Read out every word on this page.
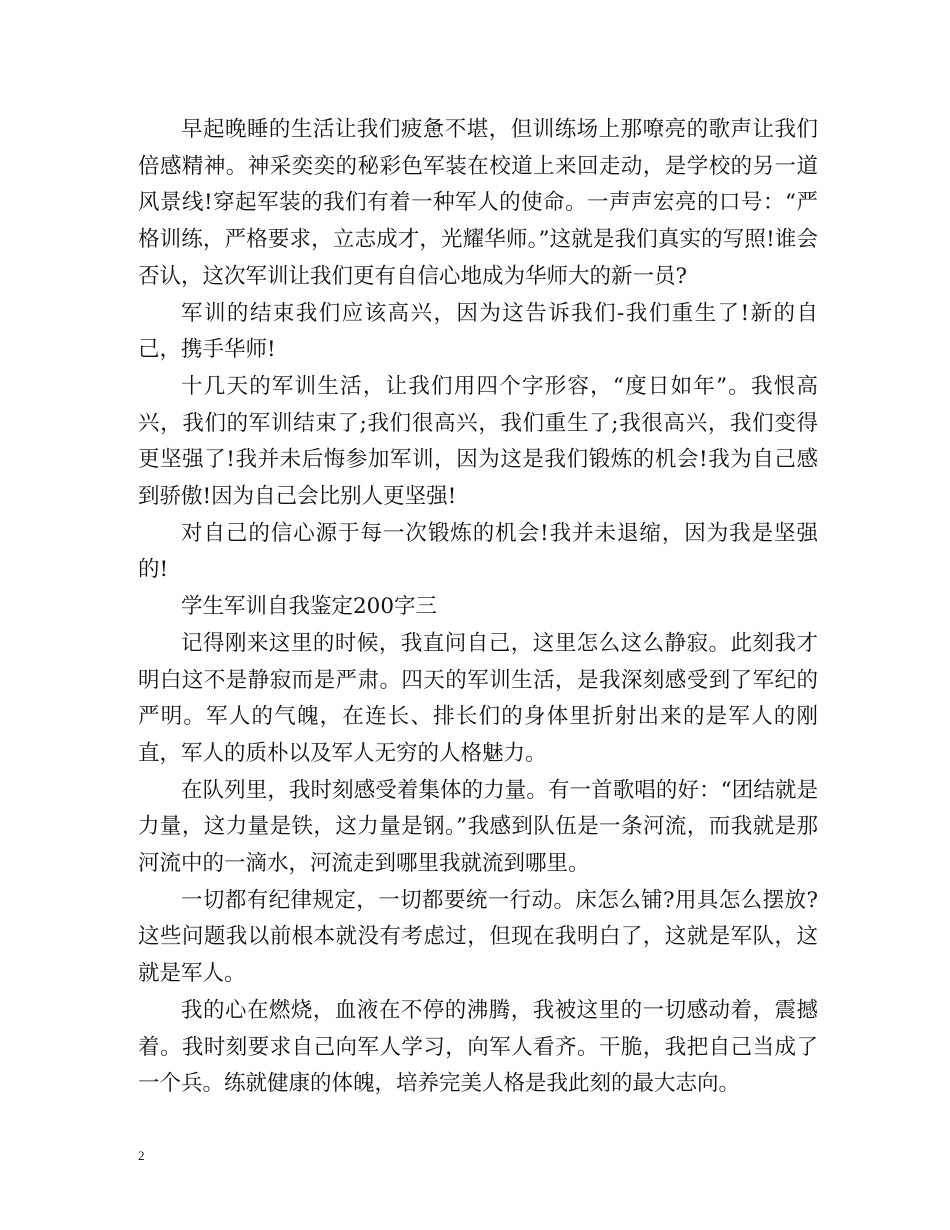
早起晚睡的生活让我们疲惫不堪，但训练场上那嘹亮的歌声让我们倍感精神。神采奕奕的秘彩色军装在校道上来回走动，是学校的另一道风景线!穿起军装的我们有着一种军人的使命。一声声宏亮的口号：“严格训练，严格要求，立志成才，光耀华师。”这就是我们真实的写照!谁会否认，这次军训让我们更有自信心地成为华师大的新一员?

军训的结束我们应该高兴，因为这告诉我们-我们重生了!新的自己，携手华师!

十几天的军训生活，让我们用四个字形容，“度日如年”。我恨高兴，我们的军训结束了;我们很高兴，我们重生了;我很高兴，我们变得更坚强了!我并未后悔参加军训，因为这是我们锻炼的机会!我为自己感到骄傲!因为自己会比别人更坚强!

对自己的信心源于每一次锻炼的机会!我并未退缩，因为我是坚强的!

学生军训自我鉴定200字三

记得刚来这里的时候，我直问自己，这里怎么这么静寂。此刻我才明白这不是静寂而是严肃。四天的军训生活，是我深刻感受到了军纪的严明。军人的气魄，在连长、排长们的身体里折射出来的是军人的刚直，军人的质朴以及军人无穷的人格魅力。

在队列里，我时刻感受着集体的力量。有一首歌唱的好：“团结就是力量，这力量是铁，这力量是钢。”我感到队伍是一条河流，而我就是那河流中的一滴水，河流走到哪里我就流到哪里。

一切都有纪律规定，一切都要统一行动。床怎么铺?用具怎么摆放?这些问题我以前根本就没有考虑过，但现在我明白了，这就是军队，这就是军人。

我的心在燃烧，血液在不停的沸腾，我被这里的一切感动着，震撼着。我时刻要求自己向军人学习，向军人看齐。干脆，我把自己当成了一个兵。练就健康的体魄，培养完美人格是我此刻的最大志向。

2
